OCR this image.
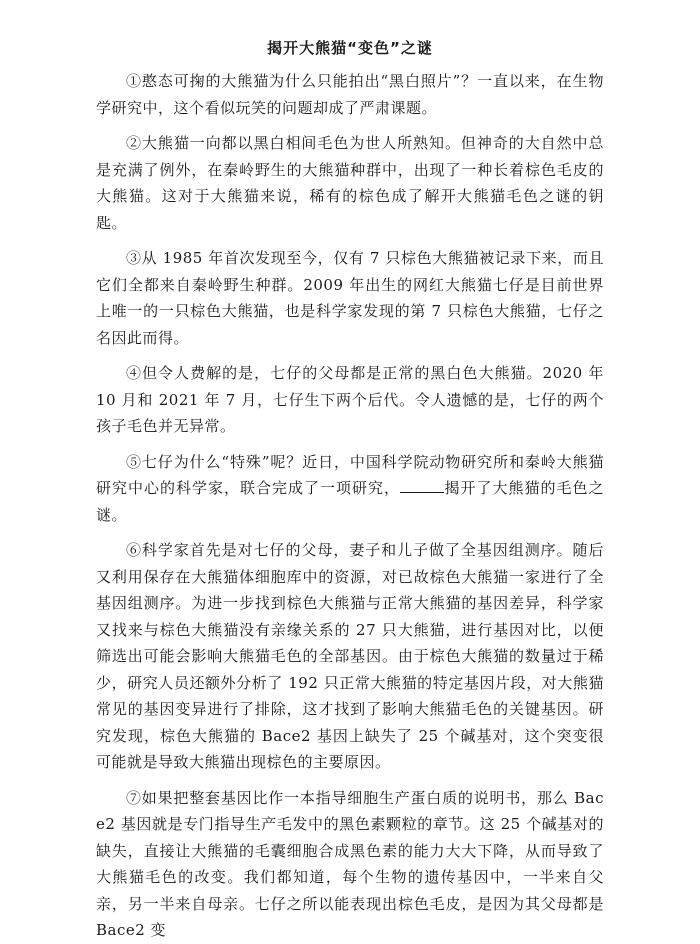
揭开大熊猫“变色”之谜

①憨态可掬的大熊猫为什么只能拍出“黑白照片”？一直以来，在生物学研究中，这个看似玩笑的问题却成了严肃课题。

②大熊猫一向都以黑白相间毛色为世人所熟知。但神奇的大自然中总是充满了例外，在秦岭野生的大熊猫种群中，出现了一种长着棕色毛皮的大熊猫。这对于大熊猫来说，稀有的棕色成了解开大熊猫毛色之谜的钥匙。

③从 1985 年首次发现至今，仅有 7 只棕色大熊猫被记录下来，而且它们全都来自秦岭野生种群。2009 年出生的网红大熊猫七仔是目前世界上唯一的一只棕色大熊猫，也是科学家发现的第 7 只棕色大熊猫，七仔之名因此而得。

④但令人费解的是，七仔的父母都是正常的黑白色大熊猫。2020 年 10 月和 2021 年 7 月，七仔生下两个后代。令人遗憾的是，七仔的两个孩子毛色并无异常。

⑤七仔为什么“特殊”呢？近日，中国科学院动物研究所和秦岭大熊猫研究中心的科学家，联合完成了一项研究，	揭开了大熊猫的毛色之谜。

⑥科学家首先是对七仔的父母，妻子和儿子做了全基因组测序。随后又利用保存在大熊猫体细胞库中的资源，对已故棕色大熊猫一家进行了全基因组测序。为进一步找到棕色大熊猫与正常大熊猫的基因差异，科学家又找来与棕色大熊猫没有亲缘关系的 27 只大熊猫，进行基因对比，以便筛选出可能会影响大熊猫毛色的全部基因。由于棕色大熊猫的数量过于稀少，研究人员还额外分析了 192 只正常大熊猫的特定基因片段，对大熊猫常见的基因变异进行了排除，这才找到了影响大熊猫毛色的关键基因。研究发现，棕色大熊猫的 Bace2 基因上缺失了 25 个碱基对，这个突变很可能就是导致大熊猫出现棕色的主要原因。

⑦如果把整套基因比作一本指导细胞生产蛋白质的说明书，那么 Bace2 基因就是专门指导生产毛发中的黑色素颗粒的章节。这 25 个碱基对的缺失，直接让大熊猫的毛囊细胞合成黑色素的能力大大下降，从而导致了大熊猫毛色的改变。我们都知道，每个生物的遗传基因中，一半来自父亲，另一半来自母亲。七仔之所以能表现出棕色毛皮，是因为其父母都是 Bace2 变
